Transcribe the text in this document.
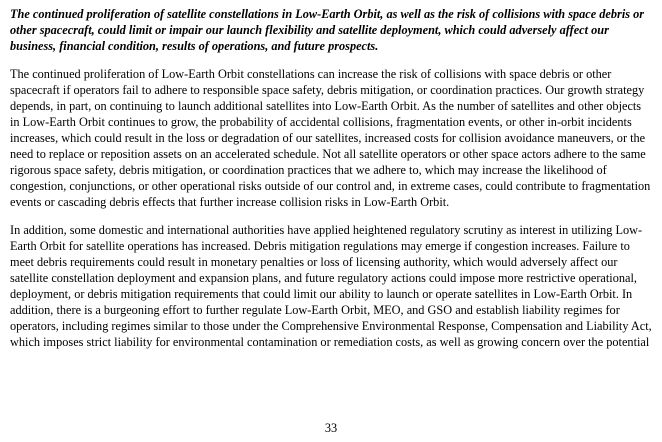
The continued proliferation of satellite constellations in Low-Earth Orbit, as well as the risk of collisions with space debris or other spacecraft, could limit or impair our launch flexibility and satellite deployment, which could adversely affect our business, financial condition, results of operations, and future prospects.

The continued proliferation of Low-Earth Orbit constellations can increase the risk of collisions with space debris or other spacecraft if operators fail to adhere to responsible space safety, debris mitigation, or coordination practices. Our growth strategy depends, in part, on continuing to launch additional satellites into Low-Earth Orbit. As the number of satellites and other objects in Low-Earth Orbit continues to grow, the probability of accidental collisions, fragmentation events, or other in-orbit incidents increases, which could result in the loss or degradation of our satellites, increased costs for collision avoidance maneuvers, or the need to replace or reposition assets on an accelerated schedule. Not all satellite operators or other space actors adhere to the same rigorous space safety, debris mitigation, or coordination practices that we adhere to, which may increase the likelihood of congestion, conjunctions, or other operational risks outside of our control and, in extreme cases, could contribute to fragmentation events or cascading debris effects that further increase collision risks in Low-Earth Orbit.

In addition, some domestic and international authorities have applied heightened regulatory scrutiny as interest in utilizing Low-Earth Orbit for satellite operations has increased. Debris mitigation regulations may emerge if congestion increases. Failure to meet debris requirements could result in monetary penalties or loss of licensing authority, which would adversely affect our satellite constellation deployment and expansion plans, and future regulatory actions could impose more restrictive operational, deployment, or debris mitigation requirements that could limit our ability to launch or operate satellites in Low-Earth Orbit. In addition, there is a burgeoning effort to further regulate Low-Earth Orbit, MEO, and GSO and establish liability regimes for operators, including regimes similar to those under the Comprehensive Environmental Response, Compensation and Liability Act, which imposes strict liability for environmental contamination or remediation costs, as well as growing concern over the potential

33
